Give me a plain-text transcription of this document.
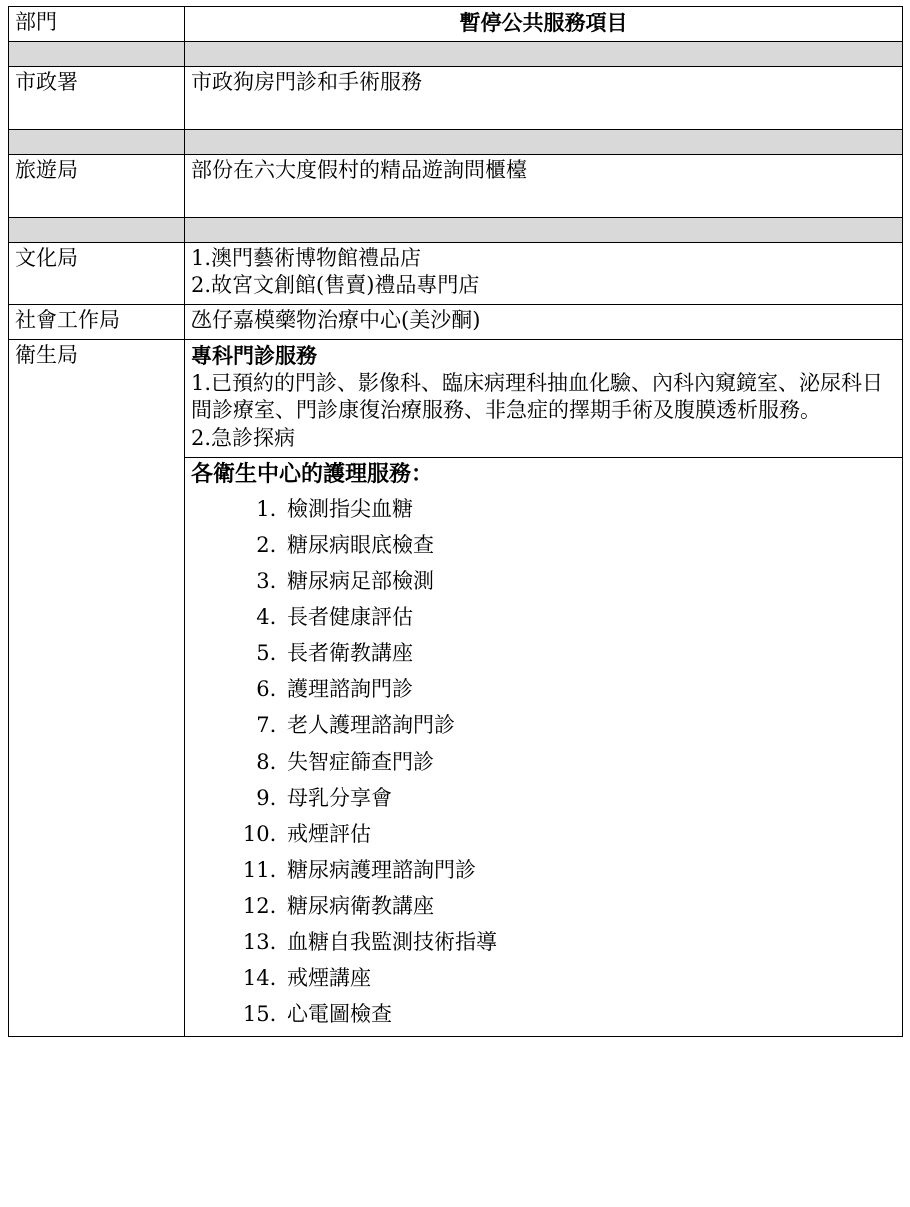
部門	暫停公共服務項目

市政署	市政狗房門診和手術服務

旅遊局	部份在六大度假村的精品遊詢問櫃檯

文化局	1.澳門藝術博物館禮品店

2.故宮文創館(售賣)禮品專門店

社會工作局	氹仔嘉模藥物治療中心(美沙酮)
衛生局	專科門診服務

1.已預約的門診、影像科、臨床病理科抽血化驗、內科內窺鏡室、泌尿科日間診療室、門診康復治療服務、非急症的擇期手術及腹膜透析服務。

2.急診探病

各衛生中心的護理服務：

1. 檢測指尖血糖
2. 糖尿病眼底檢查
3. 糖尿病足部檢測
4. 長者健康評估
5. 長者衛教講座
6. 護理諮詢門診
7. 老人護理諮詢門診
8. 失智症篩查門診
9. 母乳分享會
10. 戒煙評估
11. 糖尿病護理諮詢門診
12. 糖尿病衛教講座
13. 血糖自我監測技術指導
14. 戒煙講座
15. 心電圖檢查
